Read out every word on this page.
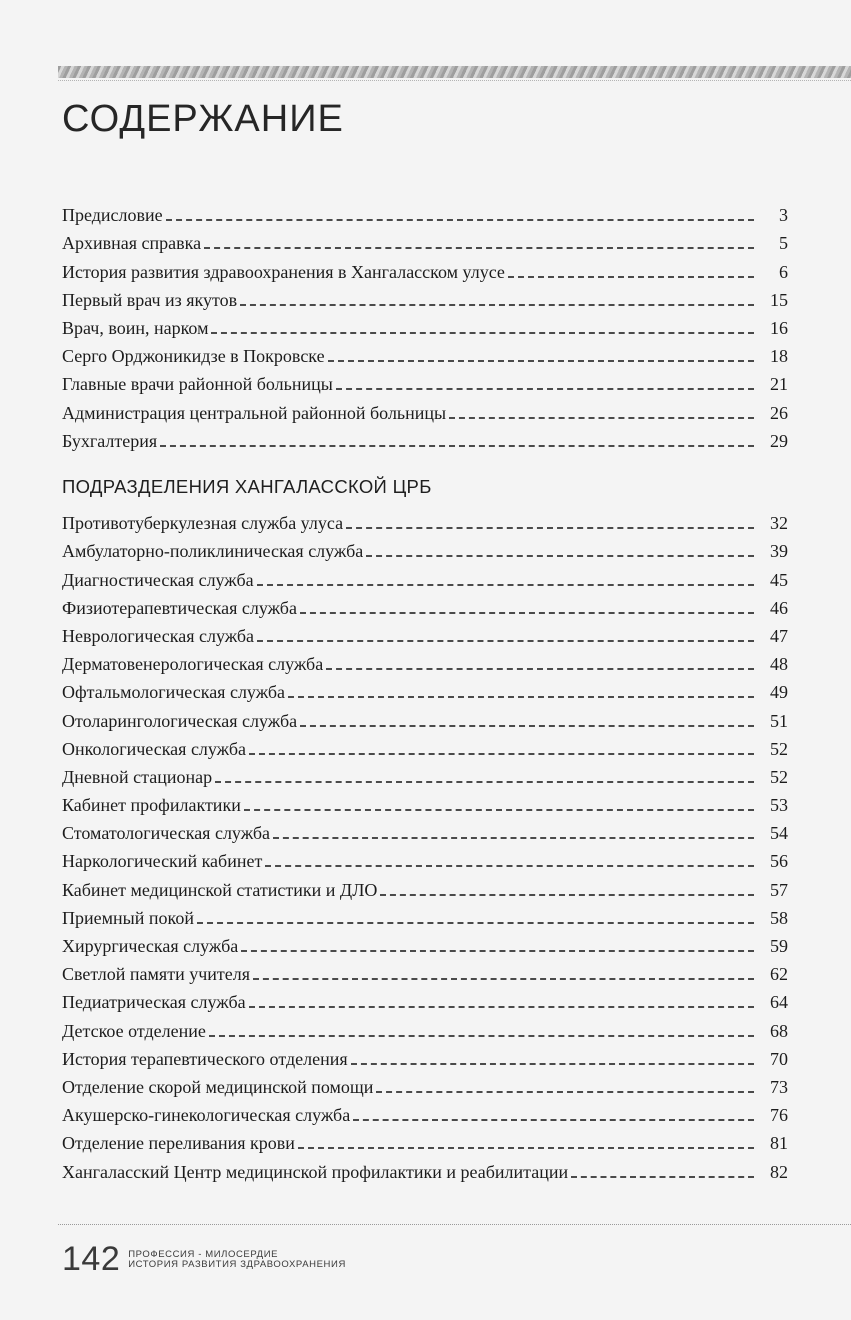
СОДЕРЖАНИЕ
Предисловие	3
Архивная справка	5
История развития здравоохранения в Хангаласском улусе	6
Первый врач из якутов	15
Врач, воин, нарком	16
Серго Орджоникидзе в Покровске	18
Главные врачи районной больницы	21
Администрация центральной районной больницы	26
Бухгалтерия	29
ПОДРАЗДЕЛЕНИЯ ХАНГАЛАССКОЙ ЦРБ
Противотуберкулезная служба улуса	32
Амбулаторно-поликлиническая служба	39
Диагностическая служба	45
Физиотерапевтическая служба	46
Неврологическая служба	47
Дерматовенерологическая служба	48
Офтальмологическая служба	49
Отоларингологическая служба	51
Онкологическая служба	52
Дневной стационар	52
Кабинет профилактики	53
Стоматологическая служба	54
Наркологический кабинет	56
Кабинет медицинской статистики и ДЛО	57
Приемный покой	58
Хирургическая служба	59
Светлой памяти учителя	62
Педиатрическая служба	64
Детское отделение	68
История терапевтического отделения	70
Отделение скорой медицинской помощи	73
Акушерско-гинекологическая служба	76
Отделение переливания крови	81
Хангаласский Центр медицинской профилактики и реабилитации	82
142 ПРОФЕССИЯ - МИЛОСЕРДИЕ
ИСТОРИЯ РАЗВИТИЯ ЗДРАВООХРАНЕНИЯ
